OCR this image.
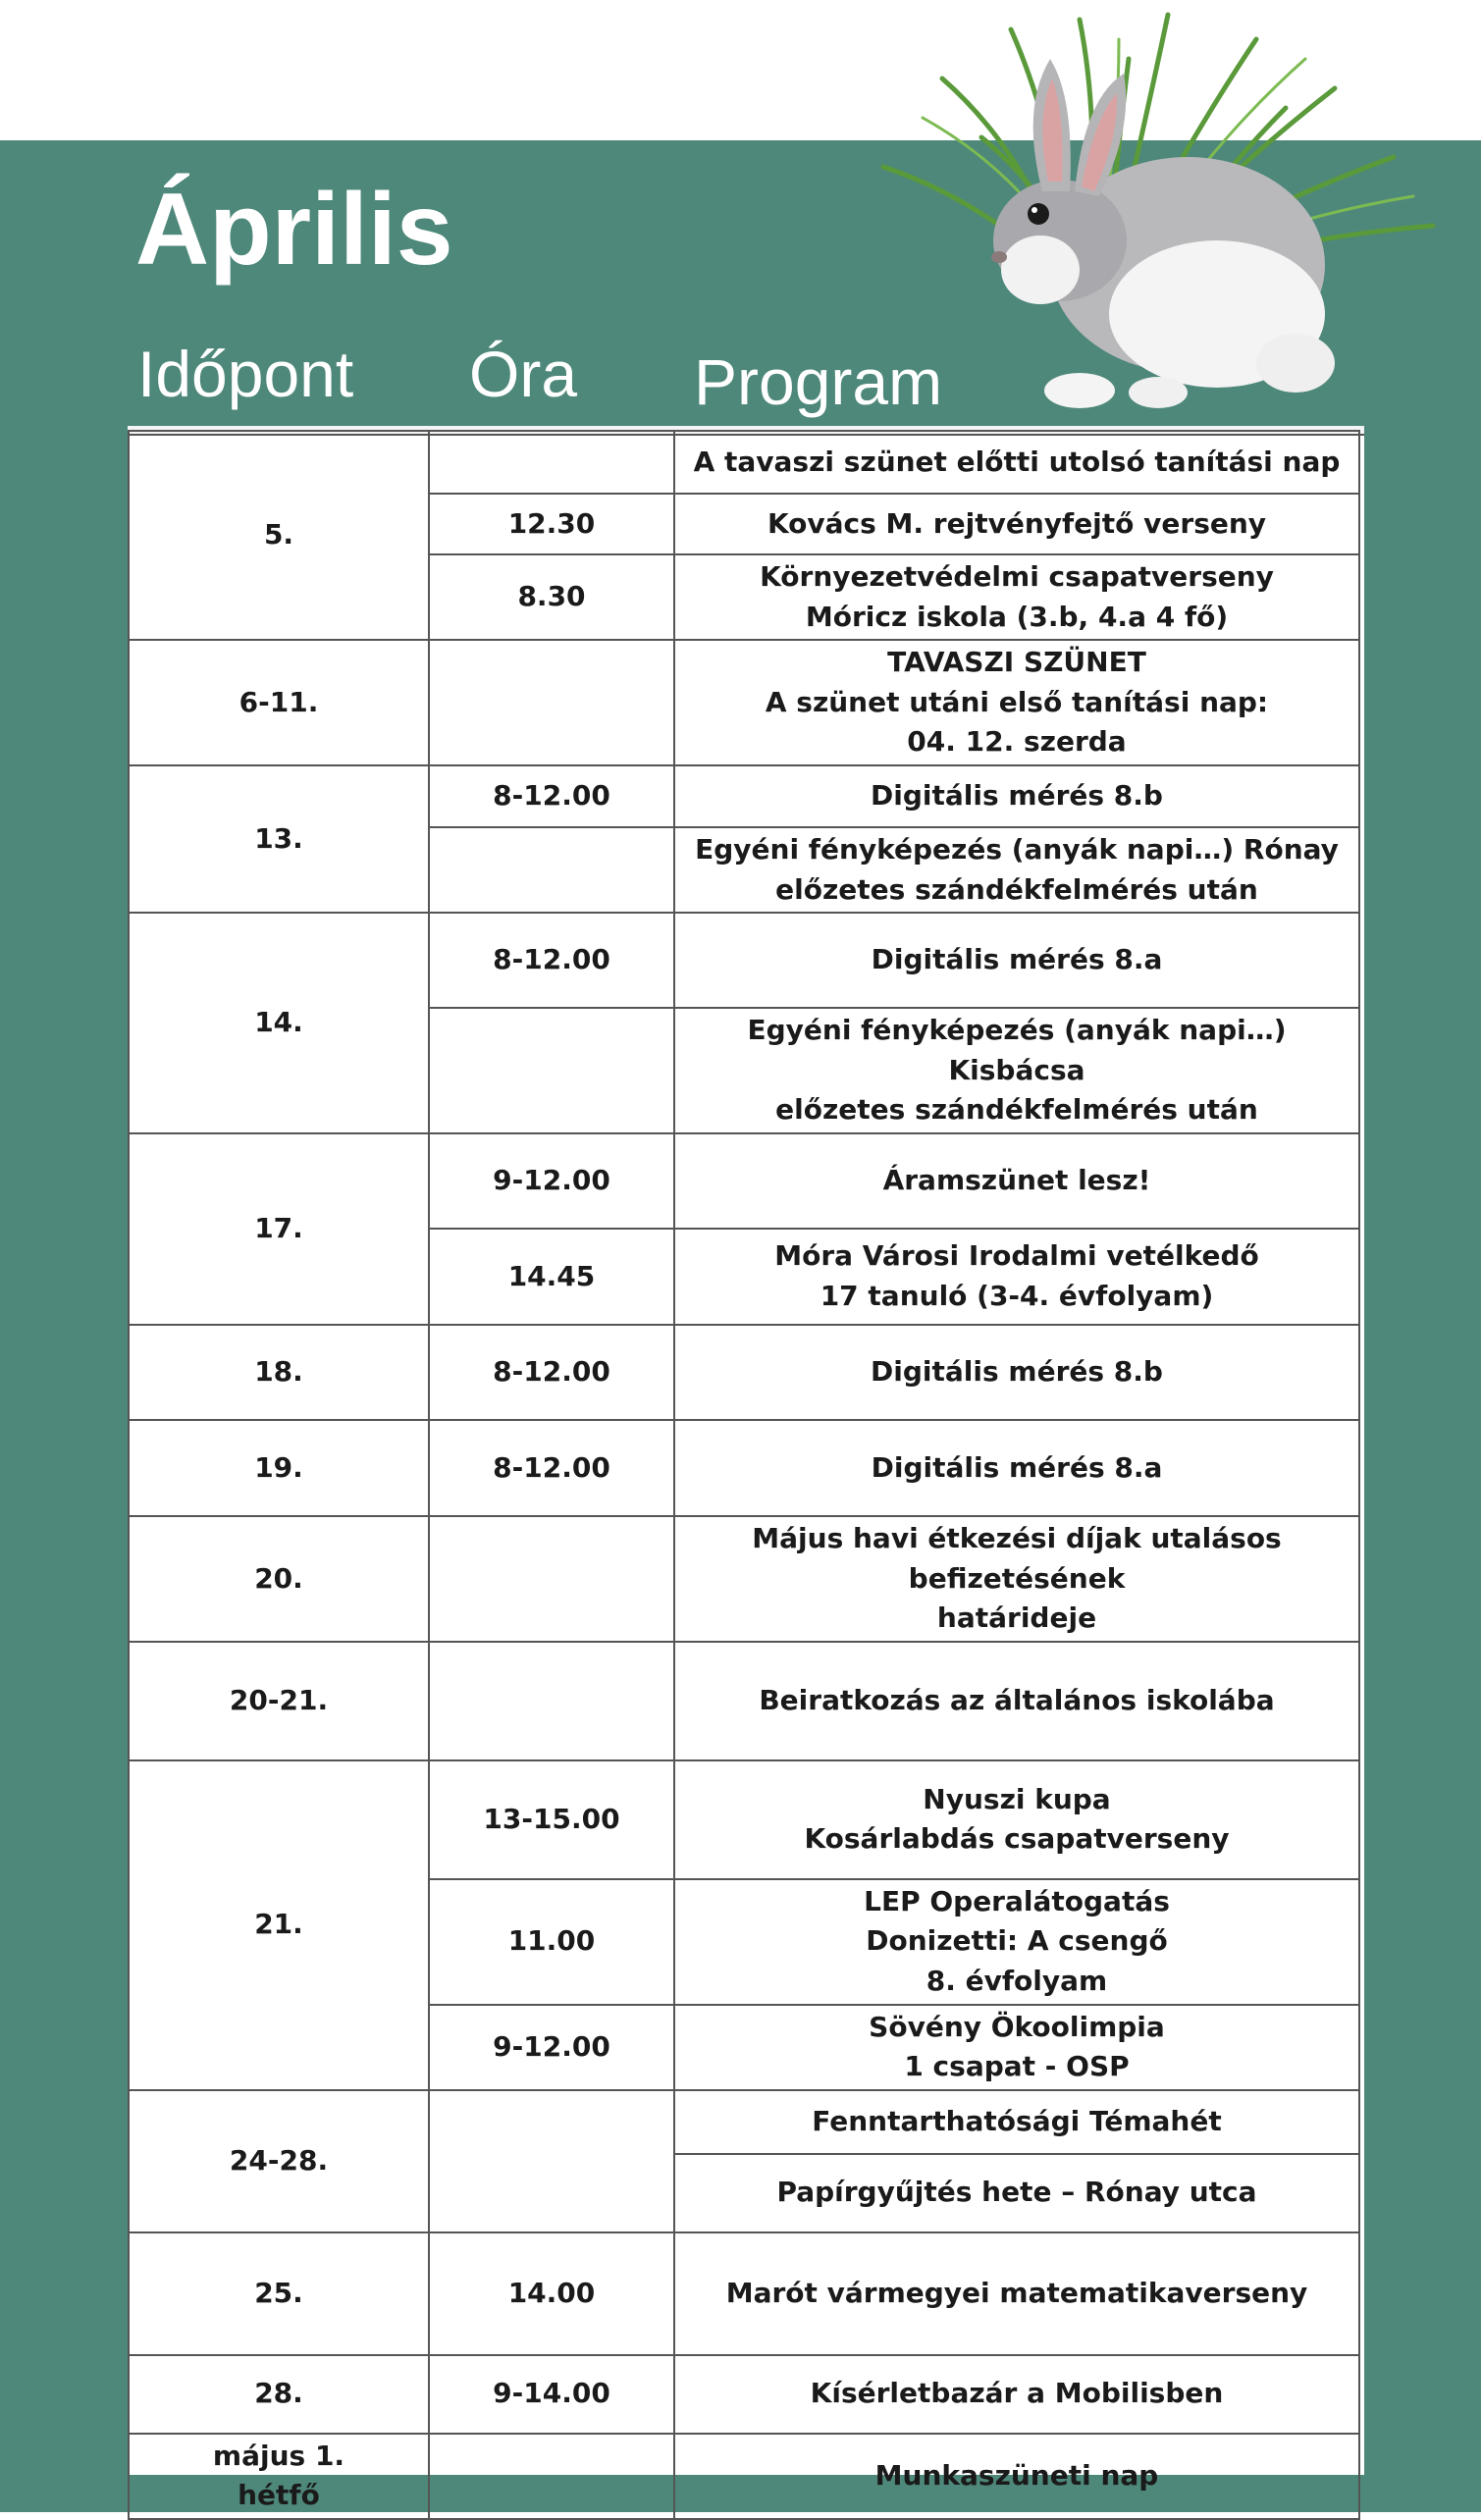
Április
Időpont Óra Program
5.		A tavaszi szünet előtti utolsó tanítási nap

	12.30	Kovács M. rejtvényfejtő verseny

	8.30	Környezetvédelmi csapatverseny
Móricz iskola (3.b, 4.a 4 fő)

6-11.		TAVASZI SZÜNET
A szünet utáni első tanítási nap:
04. 12. szerda

13.	8-12.00	Digitális mérés 8.b

		Egyéni fényképezés (anyák napi…) Rónay
előzetes szándékfelmérés után

14.	8-12.00	Digitális mérés 8.a

		Egyéni fényképezés (anyák napi…) Kisbácsa
előzetes szándékfelmérés után

17.	9-12.00	Áramszünet lesz!

	14.45	Móra Városi Irodalmi vetélkedő
17 tanuló (3-4. évfolyam)

18.	8-12.00	Digitális mérés 8.b

19.	8-12.00	Digitális mérés 8.a

20.		Május havi étkezési díjak utalásos befizetésének
határideje

20-21.		Beiratkozás az általános iskolába

21.	13-15.00	Nyuszi kupa
Kosárlabdás csapatverseny

	11.00	LEP Operalátogatás
Donizetti: A csengő
8. évfolyam

	9-12.00	Sövény Ökoolimpia
1 csapat - OSP

24-28.		Fenntarthatósági Témahét

		Papírgyűjtés hete – Rónay utca

25.	14.00	Marót vármegyei matematikaverseny

28.	9-14.00	Kísérletbazár a Mobilisben

május 1.
hétfő		Munkaszüneti nap
